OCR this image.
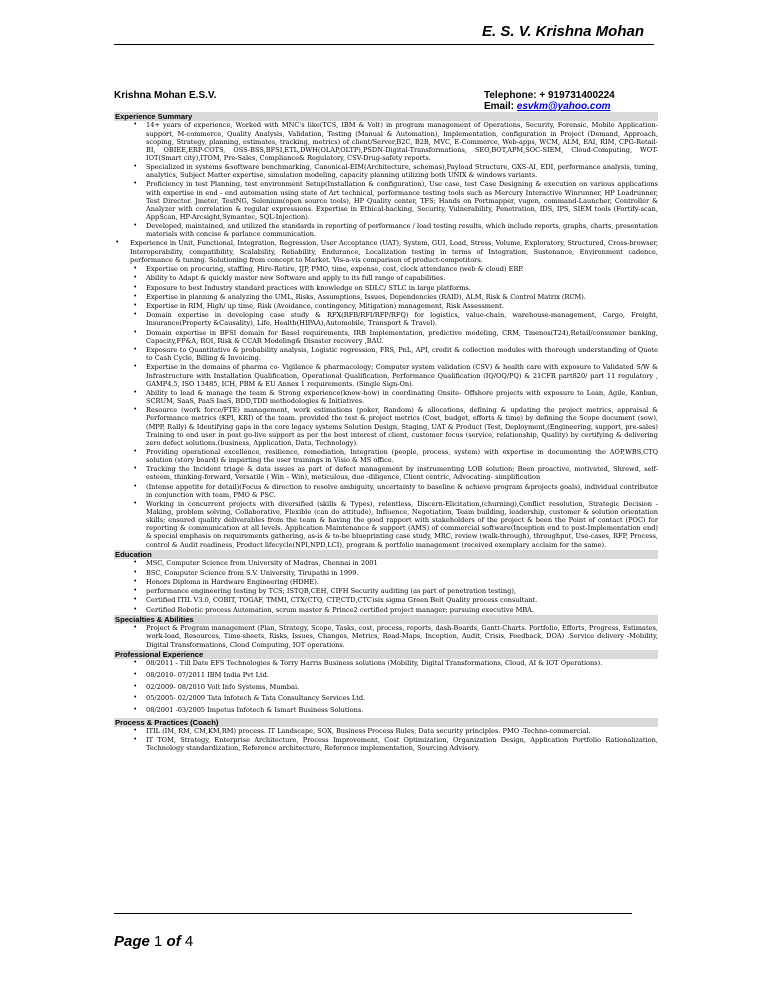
E. S. V. Krishna Mohan
Krishna Mohan E.S.V.	Telephone: + 919731400224
Email: esvkm@yahoo.com
Experience Summary
•	14+ years of experience, Worked with MNC's like(TCS, IBM & Volt) in program management of Operations, Security, Forensic, Mobile Application-support, M-commerce, Quality Analysis, Validation, Testing (Manual & Automation), Implementation, configuration in Project (Demand, Approach, scoping, Strategy, planning, estimates, tracking, metrics) of client/Server,B2C, B2B, MVC, E-Commerce, Web-apps, WCM, ALM, EAI, RIM, CPG-Retail-BI, OBIEE,ERP-COTS, OSS-BSS,BFSI,ETL,DWH(OLAP,OLTP),PSDN-Digital-Transformations, SEO,BOT,APM,SOC-SIEM, Cloud-Computing, WOT-IOT(Smart city),ITOM, Pre-Sales, Compliance& Regulatory, CSV-Drug-safety reports.
•	Specialized in systems &software benchmarking, Canonical-EIM(Architecture, schemas),Payload Structure, GXS-AI, EDI, performance analysis, tuning, analytics, Subject Matter expertise, simulation modeling, capacity planning utilizing both UNIX & windows variants.
•	Proficiency in test Planning, test environment Setup(Installation & configuration), Use case, test Case Designing & execution on various applications with expertise in end - end automation using state of Art technical, performance testing tools such as Mercury Interactive Winrunner, HP Loadrunner, Test Director. Jmeter, TestNG, Selenium(open source tools), HP Quality center, TFS; Hands on Portmapper, vugen, command-Launcher, Controller & Analyzer with correlation & regular expressions. Expertise in Ethical-hacking, Security, Vulnerability, Penetration, IDS, IPS, SIEM tools (Fortify-scan, AppScan, HP-Arcsight,Symantec, SQL-Injection).
•	Developed, maintained, and utilized the standards in reporting of performance / load testing results, which include reports, graphs, charts, presentation materials with concise & parlance communication.
•	Experience in Unit, Functional, Integration, Regression, User Acceptance (UAT), System, GUI, Load, Stress, Volume, Exploratory, Structured, Cross-browser, Interoperability, compatibility, Scalability, Reliability, Endurance, Localization testing in terms of Integration, Sustenance, Environment cadence, performance & tuning. Solutioning from concept to Market. Vis-a-vis comparison of product-competitors.
•	Expertise on procuring, staffing, Hire-Retire, IJP, PMO, time, expense, cost, clock attendance (web & cloud) ERP.
•	Ability to Adapt & quickly master new Software and apply to its full range of capabilities.
•	Exposure to best Industry standard practices with knowledge on SDLC/ STLC in large platforms.
•	Expertise in planning & analyzing the UML, Risks, Assumptions, Issues, Dependencies (RAID), ALM, Risk & Control Matrix (RCM).
•	Expertise in RIM, High/ up time, Risk (Avoidance, contingency, Mitigation) management, Risk Assessment.
•	Domain expertise in developing case study & RFX(RFB/RFI/RFP/RFQ) for logistics, value-chain, warehouse-management, Cargo, Freight, Insurance(Property &Causality), Life, Health(HIPAA),Automobile, Transport & Travel).
•	Domain expertise in BFSI domain for Basel requirements, IRB Implementation, predictive modeling, CRM, Tmenos(T24),Retail/consumer banking, Capacity,FP&A, ROI, Risk & CCAR Modeling& Disaster recovery ,BAU.
•	Exposure to Quantitative & probability analysis, Logistic regression, FRS, PnL, API, credit & collection modules with thorough understanding of Quote to Cash Cycle, Billing & Invoicing.
•	Expertise in the domains of pharma co- Vigilance & pharmacology; Computer system validation (CSV) & health care with exposure to Validated S/W & Infrastructure with Installation Qualification, Operational Qualification, Performance Qualification (IQ/OQ/PQ) & 21CFR part820/ part 11 regulatory , GAMP4,5, ISO 13485, ICH, PBM & EU Annex 1 requirements. (Single Sign-On).
•	Ability to lead & manage the team & Strong experience(know-how) in coordinating Onsite- Offshore projects with exposure to Lean, Agile, Kanban, SCRUM, SaaS, PaaS IaaS, BDD,TDD methodologies & Initiatives.
•	Resource (work force/FTE) management, work estimations (poker, Random) & allocations, defining & updating the project metrics, appraisal & Performance metrics (KPI, KRI) of the team. provided the test & project metrics (Cost, budget, efforts & time) by defining the Scope document (sow),(MPP, Rally) & Identifying gaps in the core legacy systems Solution Design, Staging, UAT & Product (Test, Deployment,(Engineering, support, pre-sales) Training to end user in post go-live support as per the best interest of client, customer focus (service, relationship, Quality) by certifying & delivering zero defect solutions.(business, Application, Data, Technology).
•	Providing operational excellence, resilience, remediation, Integration (people, process, system) with expertise in documenting the AOP,WBS,CTQ solution (story board) & imparting the user trainings in Visio & MS office.
•	Tracking the Incident triage & data issues as part of defect management by instrumenting LOB solution; Been proactive, motivated, Shrewd, self-esteem, thinking-forward, Versatile ( Win – Win), meticulous, due -diligence, Client centric, Advocating- simplification
•	(Intense appetite for detail)(Focus & direction to resolve ambiguity, uncertainty to baseline & achieve program &projects goals), individual contributor in conjunction with team, PMO & PSC.
•	Working in concurrent projects with diversified (skills & Types), relentless, Discern-Elicitation,(churning),Conflict resolution, Strategic Decision -Making, problem solving, Collaborative, Flexible (can do attitude), Influence, Negotiation, Team building, leadership, customer & solution orientation skills; ensured quality deliverables from the team & having the good rapport with stakeholders of the project & been the Point of contact (POC) for reporting & communication at all levels. Application Maintenance & support (AMS) of commercial software(Inception end to post-Implementation end) & special emphasis on requirements gathering, as-is & to-be blueprinting case study, MRC, review (walk-through), throughput, Use-cases, RFP, Process, control & Audit readiness, Product lifecycle(NPI,NPD,LCI), program & portfolio management (received exemplary acclaim for the same).
Education
•	MSC, Computer Science from University of Madras, Chennai in 2001
•	BSC, Computer Science from S.V. University, Tirupathi in 1999.
•	Honors Diploma in Hardware Engineering (HDHE).
•	performance engineering testing by TCS; ISTQB,CEH, CIFH Security auditing (as part of penetration testing),
•	Certified ITIL V3.0, COBIT, TOGAF, TMMI, CTX(CTQ, CTP,CTD,CTC)six sigma Green Belt Quality process consultant.
•	Certified Robotic process Automation, scrum master & Prince2 certified project manager; pursuing executive MBA.
Specialties & Abilities
•	Project & Program management (Plan, Strategy, Scope, Tasks, cost, process, reports, dash-Boards, Gantt-Charts. Portfolio, Efforts, Progress, Estimates, work-load, Resources, Time-sheets, Risks, Issues, Changes, Metrics, Road-Maps, Inception, Audit, Crisis, Feedback, DOA) .Service delivery -Mobility, Digital Transformations, Cloud Computing, IOT operations.
Professional Experience
•	08/2011 - Till Date EFS Technologies & Torry Harris Business solutions (Mobility, Digital Transformations, Cloud, AI & IOT Operations).
•	08/2010- 07/2011 IBM India Pvt Ltd.
•	02/2009- 08/2010 Volt Info Systems, Mumbai.
•	05/2005- 02/2009 Tata Infotech & Tata Consultancy Services Ltd.
•	08/2001 -03/2005 Impetus Infotech & Ismart Business Solutions.
Process & Practices (Coach)
•	ITIL (IM, RM, CM,KM,RM) process. IT Landscape, SOX, Business Process Rules, Data security principles. PMO -Techno-commercial.
•	IT TOM, Strategy, Enterprise Architecture, Process Improvement, Cost Optimization, Organization Design, Application Portfolio Rationalization, Technology standardization, Reference architecture, Reference implementation, Sourcing Advisory.
Page 1 of 4
